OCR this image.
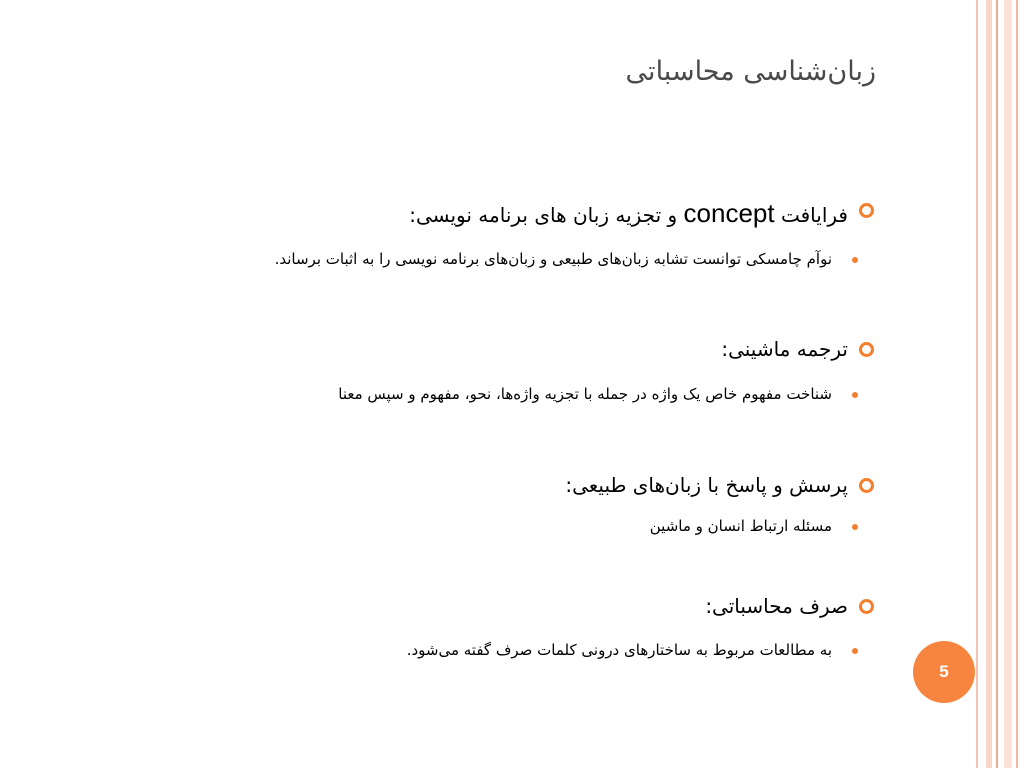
زبان‌شناسی محاسباتی
فرایافت concept و تجزیه زبان های برنامه نویسی:
نوآم چامسکی توانست تشابه زبان‌های طبیعی و زبان‌های برنامه نویسی را به اثبات برساند.
ترجمه ماشینی:
شناخت مفهوم خاص یک واژه در جمله با تجزیه واژه‌ها، نحو، مفهوم و سپس معنا
پرسش و پاسخ با زبان‌های طبیعی:
مسئله ارتباط انسان و ماشین
صرف محاسباتی:
به مطالعات مربوط به ساختارهای درونی کلمات صرف گفته می‌شود.
5
